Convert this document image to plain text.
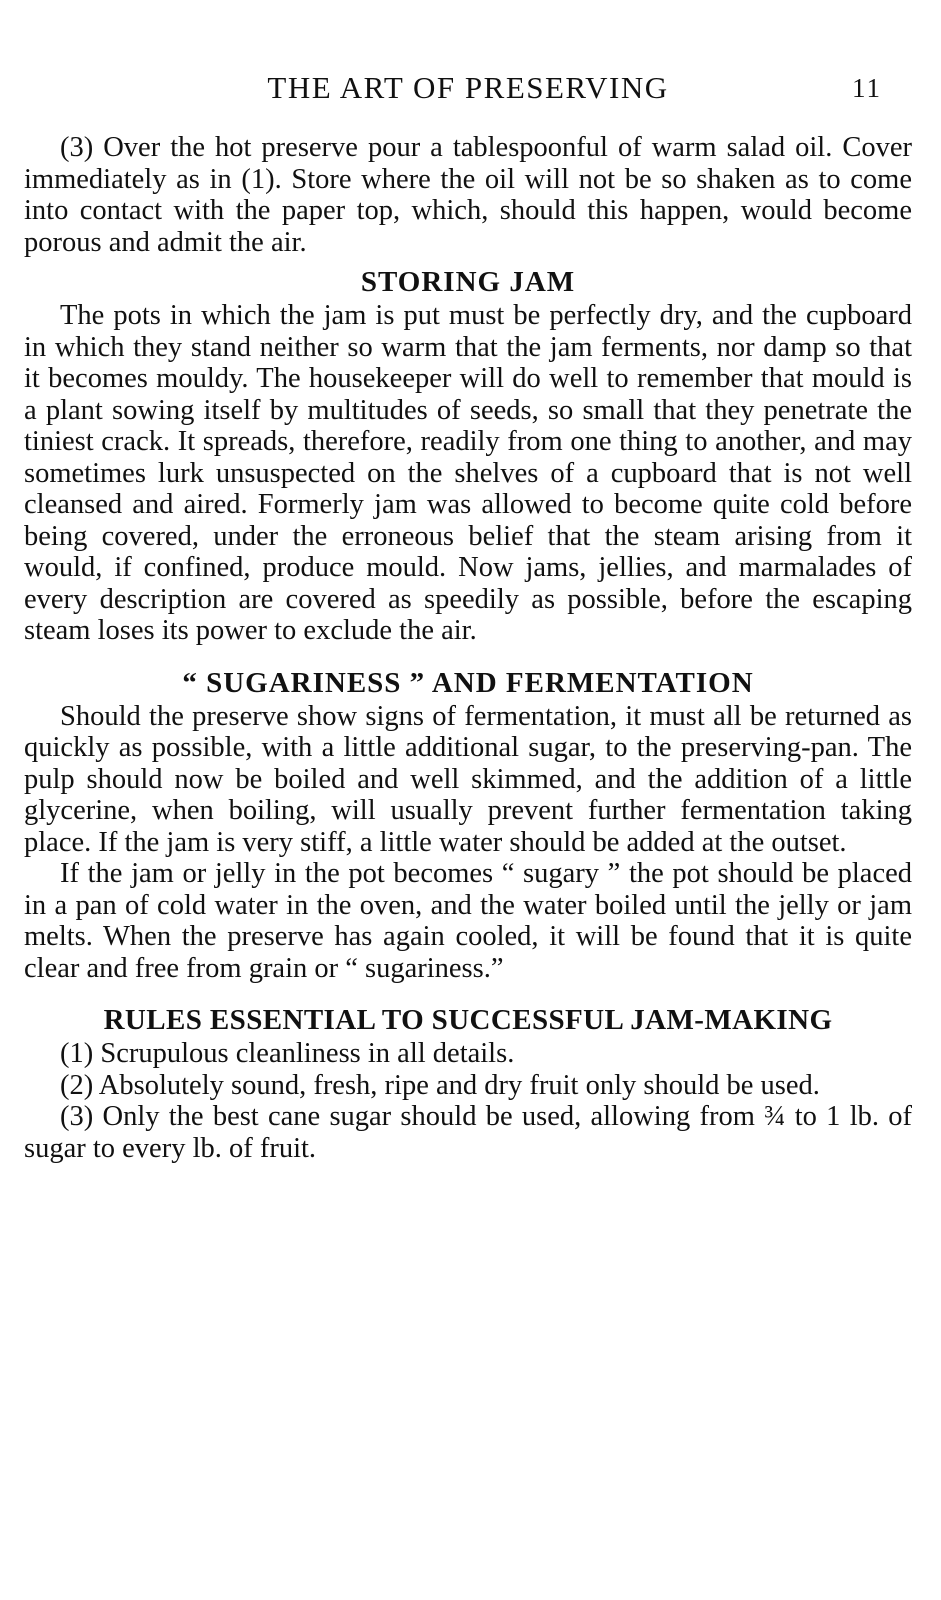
THE ART OF PRESERVING	11

(3) Over the hot preserve pour a tablespoonful of warm salad oil. Cover immediately as in (1). Store where the oil will not be so shaken as to come into contact with the paper top, which, should this happen, would become porous and admit the air.

STORING JAM

The pots in which the jam is put must be perfectly dry, and the cupboard in which they stand neither so warm that the jam ferments, nor damp so that it becomes mouldy. The housekeeper will do well to remember that mould is a plant sowing itself by multitudes of seeds, so small that they penetrate the tiniest crack. It spreads, therefore, readily from one thing to another, and may sometimes lurk unsuspected on the shelves of a cupboard that is not well cleansed and aired. Formerly jam was allowed to become quite cold before being covered, under the erroneous belief that the steam arising from it would, if confined, produce mould. Now jams, jellies, and marmalades of every description are covered as speedily as possible, before the escaping steam loses its power to exclude the air.

“ SUGARINESS ” AND FERMENTATION

Should the preserve show signs of fermentation, it must all be returned as quickly as possible, with a little additional sugar, to the preserving-pan. The pulp should now be boiled and well skimmed, and the addition of a little glycerine, when boiling, will usually prevent further fermentation taking place. If the jam is very stiff, a little water should be added at the outset.

If the jam or jelly in the pot becomes “ sugary ” the pot should be placed in a pan of cold water in the oven, and the water boiled until the jelly or jam melts. When the preserve has again cooled, it will be found that it is quite clear and free from grain or “ sugariness.”

RULES ESSENTIAL TO SUCCESSFUL JAM-MAKING

(1) Scrupulous cleanliness in all details.

(2) Absolutely sound, fresh, ripe and dry fruit only should be used.

(3) Only the best cane sugar should be used, allowing from ¾ to 1 lb. of sugar to every lb. of fruit.
